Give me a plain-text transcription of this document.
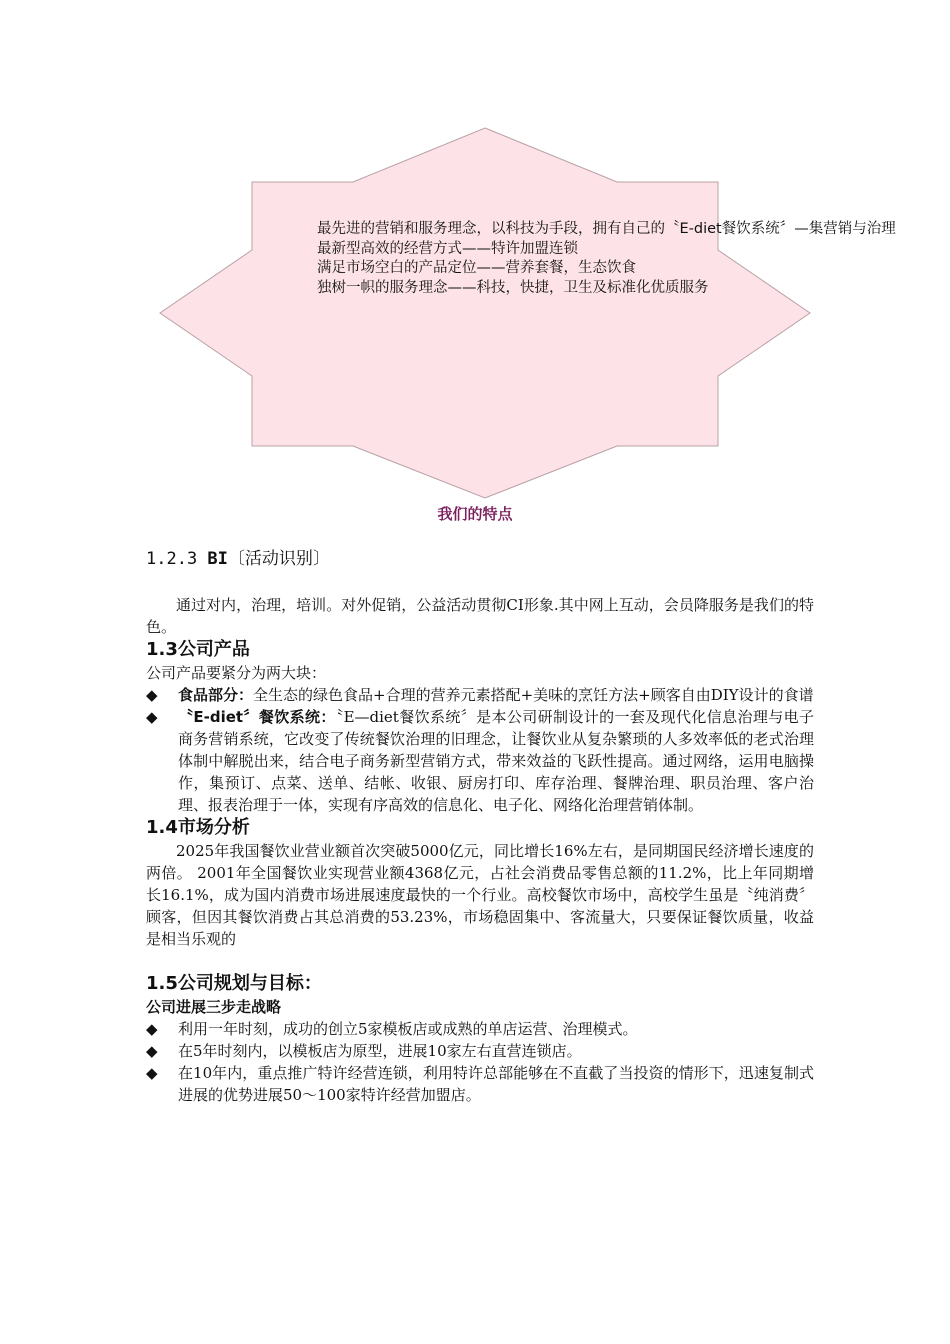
最先进的营销和服务理念，以科技为手段，拥有自己的〝E-diet餐饮系统〞—集营销与治理
最新型高效的经营方式——特许加盟连锁
满足市场空白的产品定位——营养套餐，生态饮食
独树一帜的服务理念——科技，快捷，卫生及标准化优质服务
我们的特点
1.2.3 BI〔活动识别〕
通过对内，治理，培训。对外促销，公益活动贯彻CI形象.其中网上互动，会员降服务是我们的特色。
1.3公司产品
公司产品要紧分为两大块：
◆ 食品部分：全生态的绿色食品+合理的营养元素搭配+美味的烹饪方法+顾客自由DIY设计的食谱
◆ 〝E-diet〞餐饮系统：〝E—diet餐饮系统〞是本公司研制设计的一套及现代化信息治理与电子商务营销系统，它改变了传统餐饮治理的旧理念，让餐饮业从复杂繁琐的人多效率低的老式治理体制中解脱出来，结合电子商务新型营销方式，带来效益的飞跃性提高。通过网络，运用电脑操作，集预订、点菜、送单、结帐、收银、厨房打印、库存治理、餐牌治理、职员治理、客户治理、报表治理于一体，实现有序高效的信息化、电子化、网络化治理营销体制。
1.4市场分析
2025年我国餐饮业营业额首次突破5000亿元，同比增长16%左右，是同期国民经济增长速度的两倍。 2001年全国餐饮业实现营业额4368亿元，占社会消费品零售总额的11.2%，比上年同期增长16.1%，成为国内消费市场进展速度最快的一个行业。高校餐饮市场中，高校学生虽是〝纯消费〞顾客，但因其餐饮消费占其总消费的53.23%，市场稳固集中、客流量大，只要保证餐饮质量，收益是相当乐观的
1.5公司规划与目标：
公司进展三步走战略
◆ 利用一年时刻，成功的创立5家模板店或成熟的单店运营、治理模式。
◆ 在5年时刻内，以模板店为原型，进展10家左右直营连锁店。
◆ 在10年内，重点推广特许经营连锁，利用特许总部能够在不直截了当投资的情形下，迅速复制式进展的优势进展50～100家特许经营加盟店。
